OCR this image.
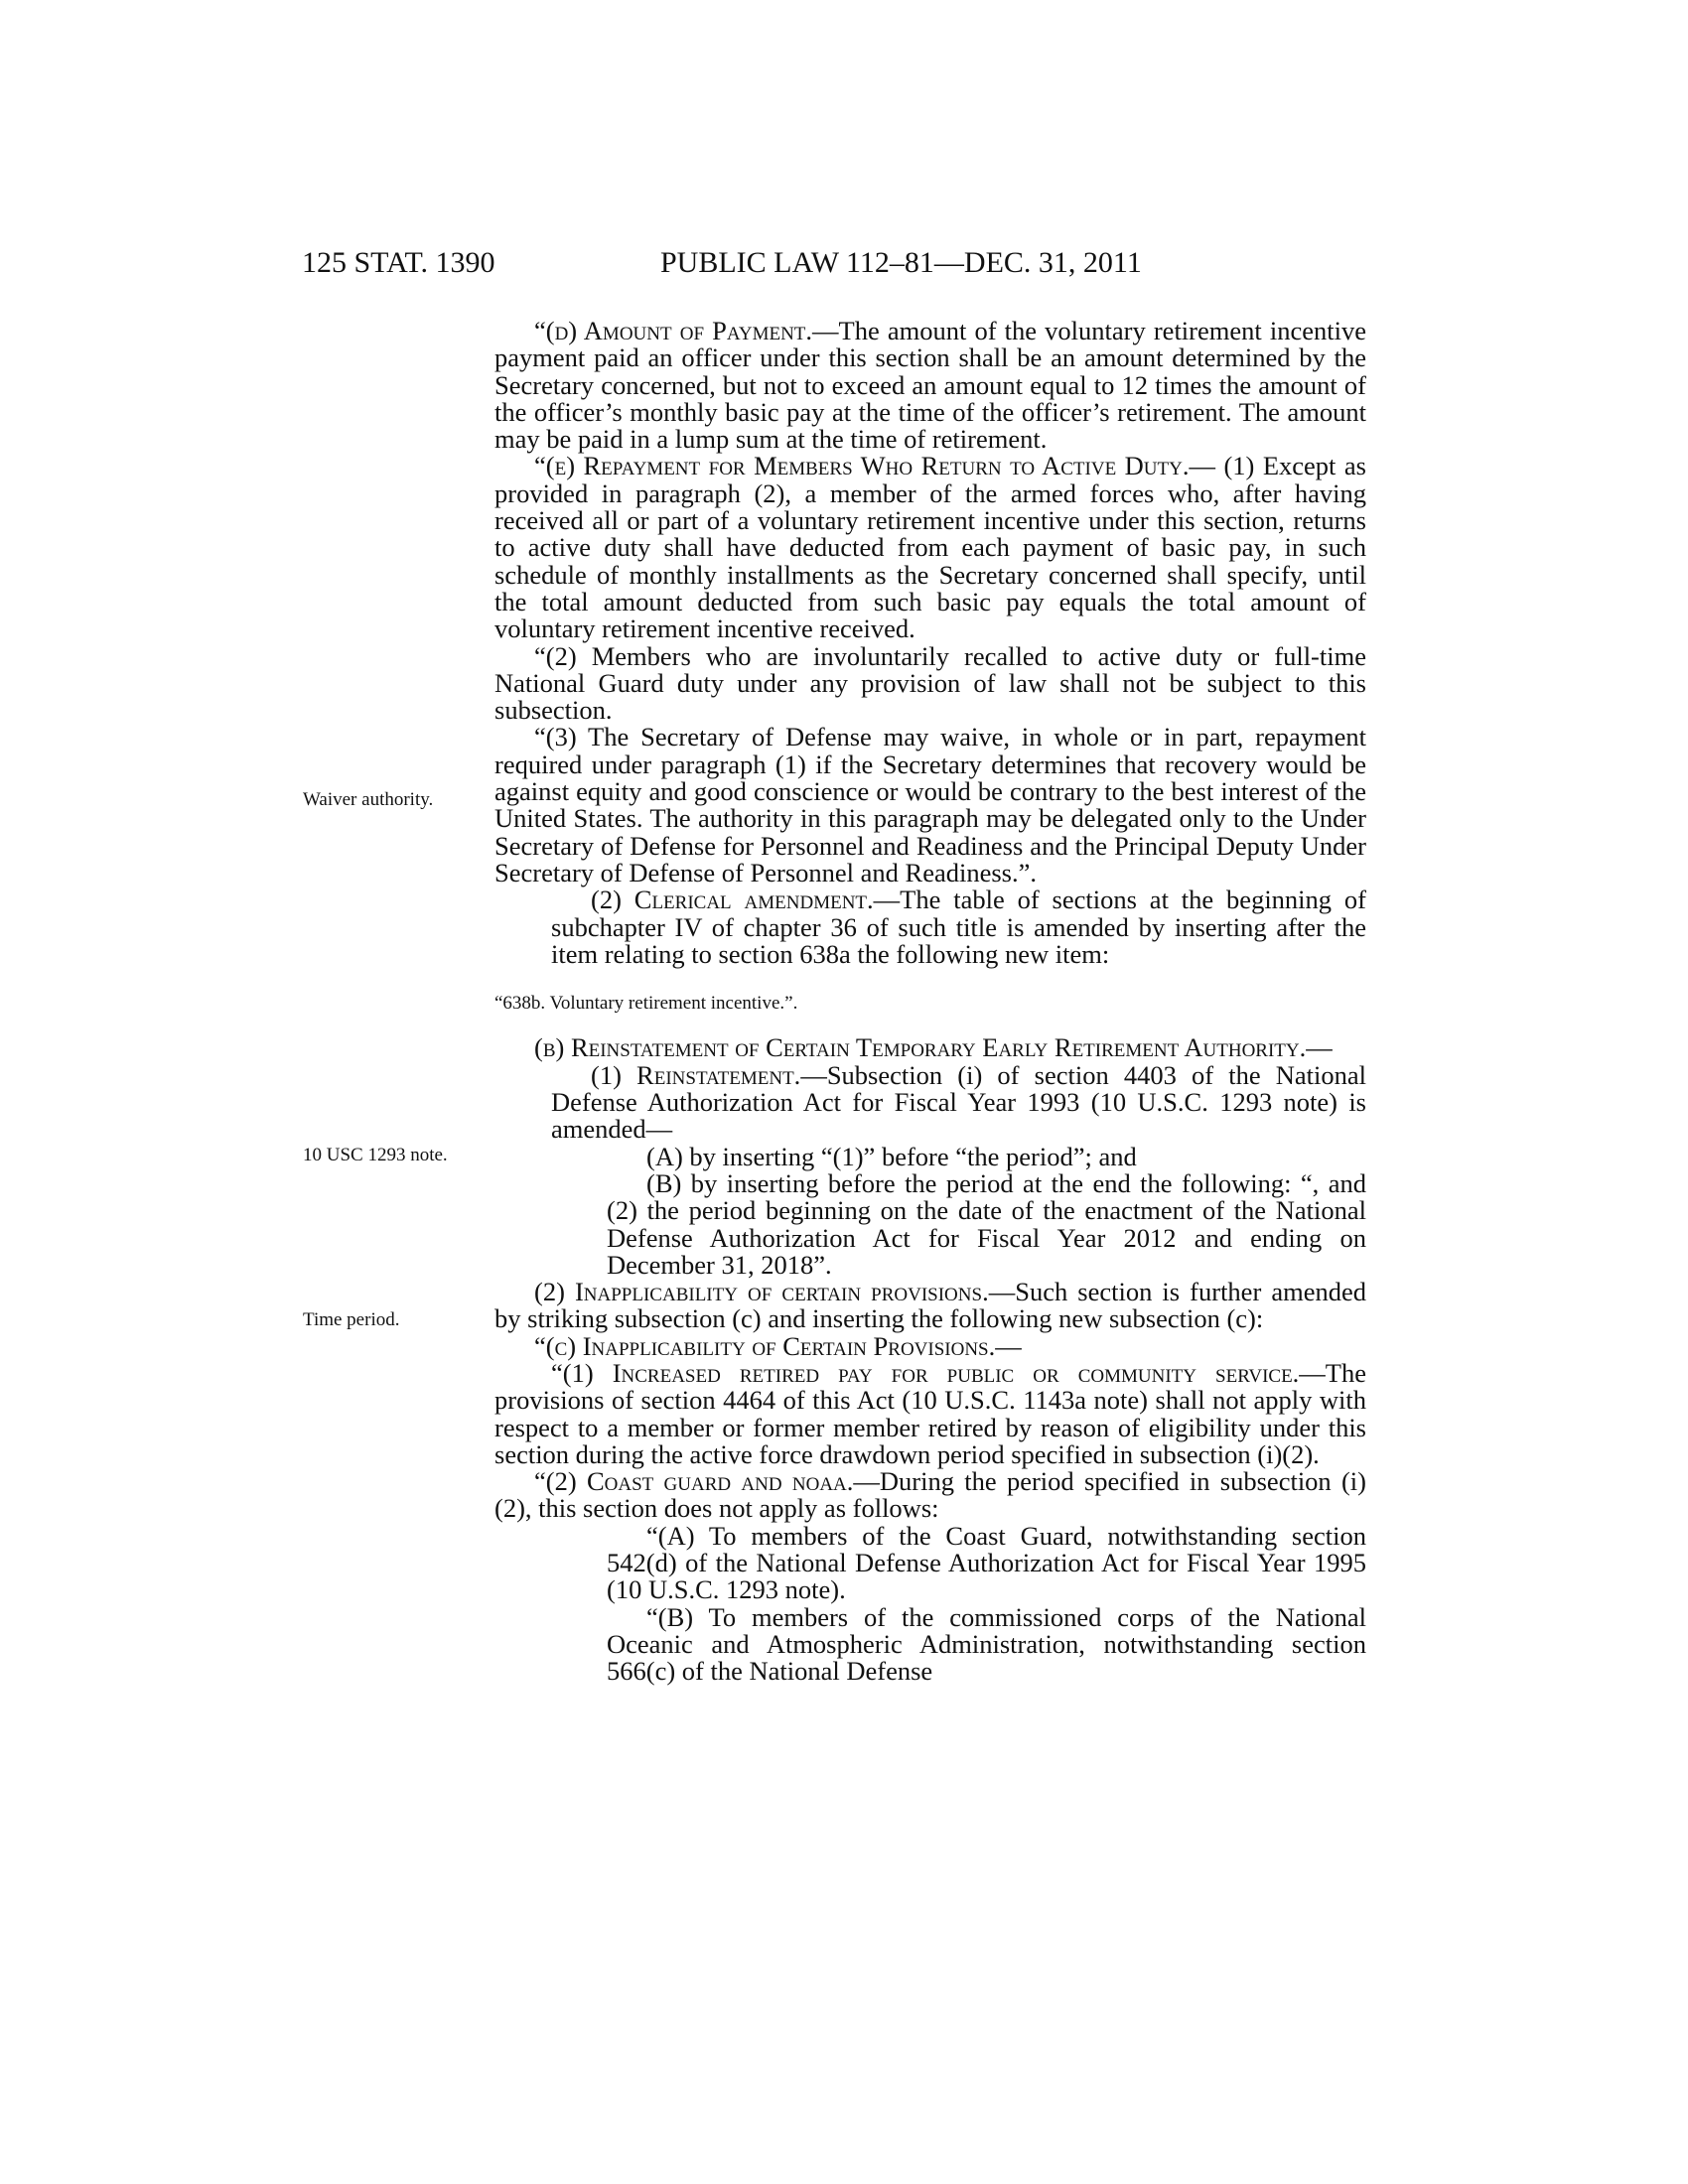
125 STAT. 1390	PUBLIC LAW 112–81—DEC. 31, 2011
Waiver authority.
10 USC 1293 note.
Time period.

“(d) Amount of Payment.—The amount of the voluntary retirement incentive payment paid an officer under this section shall be an amount determined by the Secretary concerned, but not to exceed an amount equal to 12 times the amount of the officer’s monthly basic pay at the time of the officer’s retirement. The amount may be paid in a lump sum at the time of retirement.

“(e) Repayment for Members Who Return to Active Duty.— (1) Except as provided in paragraph (2), a member of the armed forces who, after having received all or part of a voluntary retirement incentive under this section, returns to active duty shall have deducted from each payment of basic pay, in such schedule of monthly installments as the Secretary concerned shall specify, until the total amount deducted from such basic pay equals the total amount of voluntary retirement incentive received.

“(2) Members who are involuntarily recalled to active duty or full-time National Guard duty under any provision of law shall not be subject to this subsection.

“(3) The Secretary of Defense may waive, in whole or in part, repayment required under paragraph (1) if the Secretary determines that recovery would be against equity and good conscience or would be contrary to the best interest of the United States. The authority in this paragraph may be delegated only to the Under Secretary of Defense for Personnel and Readiness and the Principal Deputy Under Secretary of Defense of Personnel and Readiness.”.

(2) Clerical amendment.—The table of sections at the beginning of subchapter IV of chapter 36 of such title is amended by inserting after the item relating to section 638a the following new item:

“638b. Voluntary retirement incentive.”.

(b) Reinstatement of Certain Temporary Early Retirement Authority.—

(1) Reinstatement.—Subsection (i) of section 4403 of the National Defense Authorization Act for Fiscal Year 1993 (10 U.S.C. 1293 note) is amended—

(A) by inserting “(1)” before “the period”; and

(B) by inserting before the period at the end the following: “, and (2) the period beginning on the date of the enactment of the National Defense Authorization Act for Fiscal Year 2012 and ending on December 31, 2018”.

(2) Inapplicability of certain provisions.—Such section is further amended by striking subsection (c) and inserting the following new subsection (c):

“(c) Inapplicability of Certain Provisions.—

“(1) Increased retired pay for public or community service.—The provisions of section 4464 of this Act (10 U.S.C. 1143a note) shall not apply with respect to a member or former member retired by reason of eligibility under this section during the active force drawdown period specified in subsection (i)(2).

“(2) Coast guard and noaa.—During the period specified in subsection (i)(2), this section does not apply as follows:

“(A) To members of the Coast Guard, notwithstanding section 542(d) of the National Defense Authorization Act for Fiscal Year 1995 (10 U.S.C. 1293 note).

“(B) To members of the commissioned corps of the National Oceanic and Atmospheric Administration, notwithstanding section 566(c) of the National Defense
